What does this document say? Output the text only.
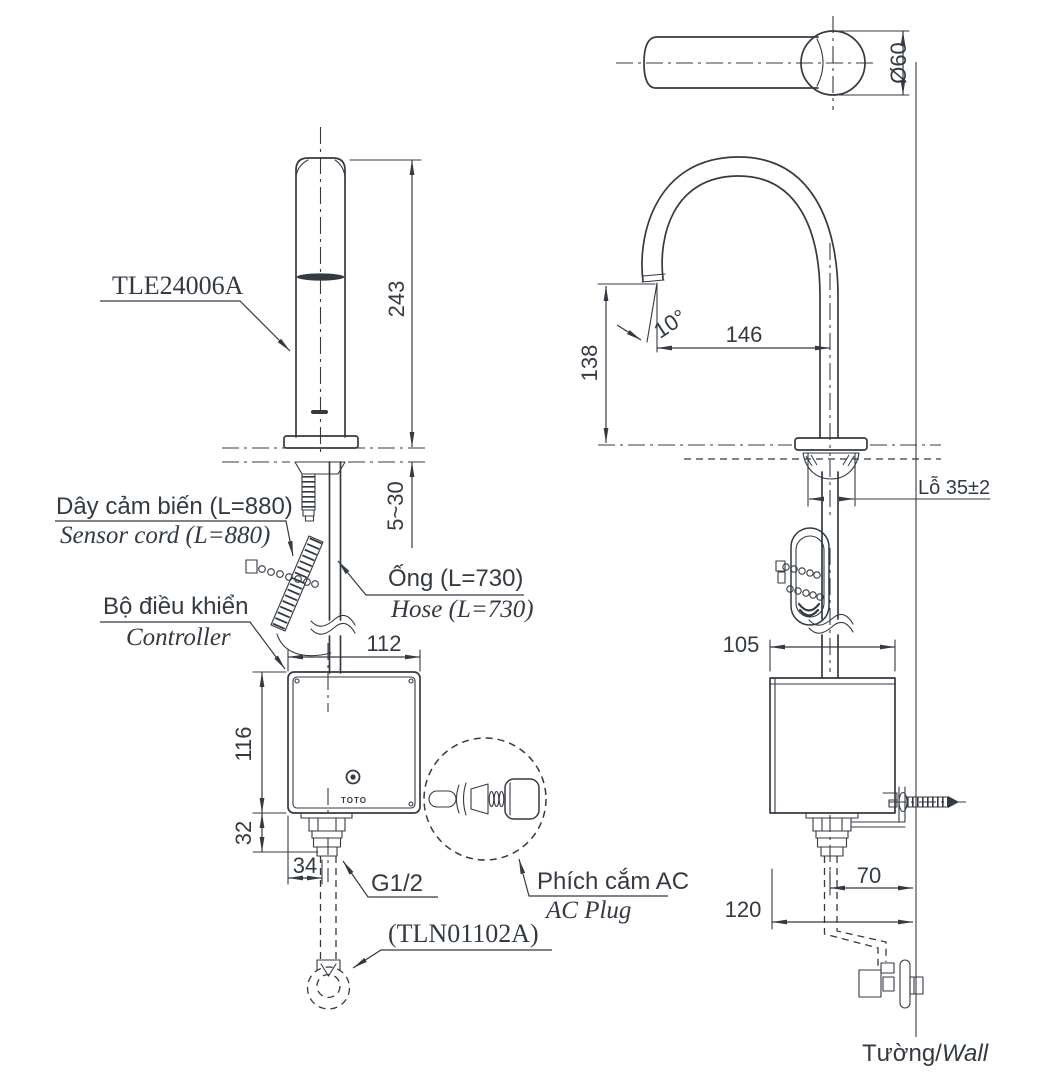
TOTO
243
5~30
112
116
32
34
TLE24006A
Dây cảm biến (L=880)
Sensor cord (L=880)
Bộ điều khiển
Controller
Ống (L=730)
Hose (L=730)
G1/2
(TLN01102A)
Phích cắm AC
AC Plug
Ø60
10° 146
138
Lỗ 35±2
105
70
120
Tường/Wall
